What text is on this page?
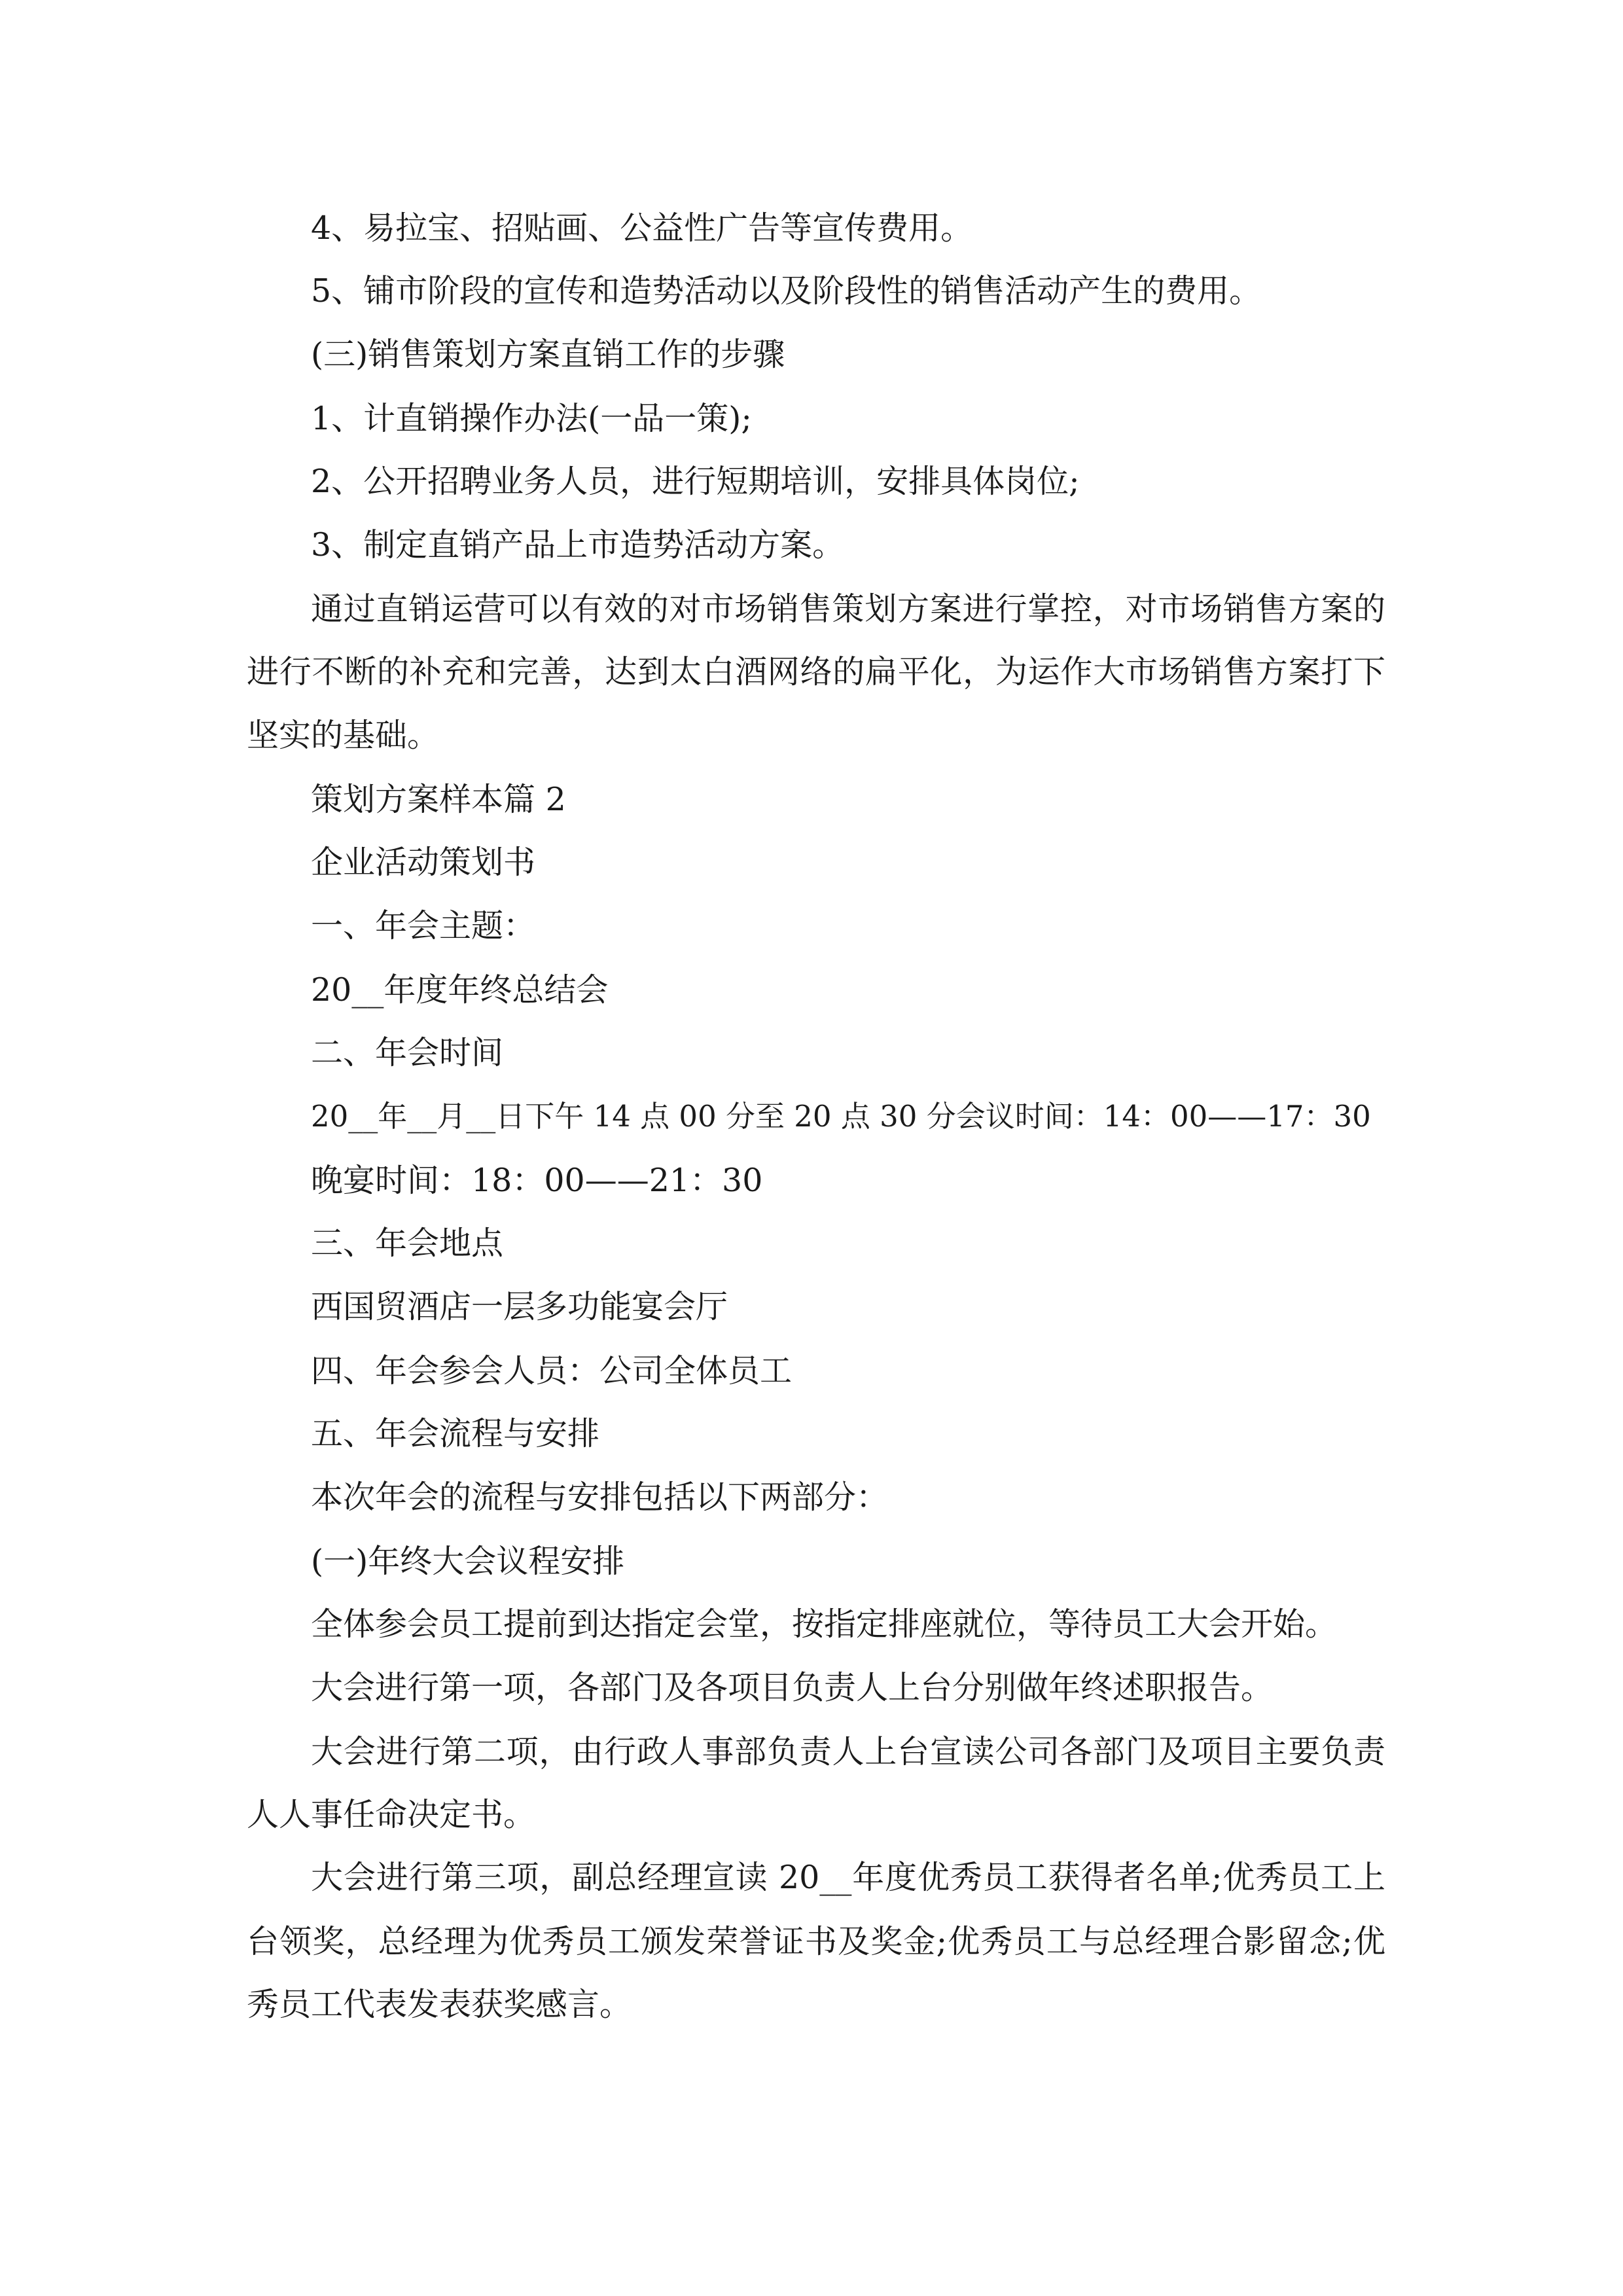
4、易拉宝、招贴画、公益性广告等宣传费用。

5、铺市阶段的宣传和造势活动以及阶段性的销售活动产生的费用。

(三)销售策划方案直销工作的步骤

1、计直销操作办法(一品一策);

2、公开招聘业务人员，进行短期培训，安排具体岗位;

3、制定直销产品上市造势活动方案。

通过直销运营可以有效的对市场销售策划方案进行掌控，对市场销售方案的

进行不断的补充和完善，达到太白酒网络的扁平化，为运作大市场销售方案打下

坚实的基础。

策划方案样本篇 2

企业活动策划书

一、年会主题：

20__年度年终总结会

二、年会时间

20__年__月__日下午 14 点 00 分至 20 点 30 分会议时间：14：00——17：30

晚宴时间：18：00——21：30

三、年会地点

西国贸酒店一层多功能宴会厅

四、年会参会人员：公司全体员工

五、年会流程与安排

本次年会的流程与安排包括以下两部分：

(一)年终大会议程安排

全体参会员工提前到达指定会堂，按指定排座就位，等待员工大会开始。

大会进行第一项，各部门及各项目负责人上台分别做年终述职报告。

大会进行第二项，由行政人事部负责人上台宣读公司各部门及项目主要负责

人人事任命决定书。

大会进行第三项，副总经理宣读 20__年度优秀员工获得者名单;优秀员工上

台领奖，总经理为优秀员工颁发荣誉证书及奖金;优秀员工与总经理合影留念;优

秀员工代表发表获奖感言。
